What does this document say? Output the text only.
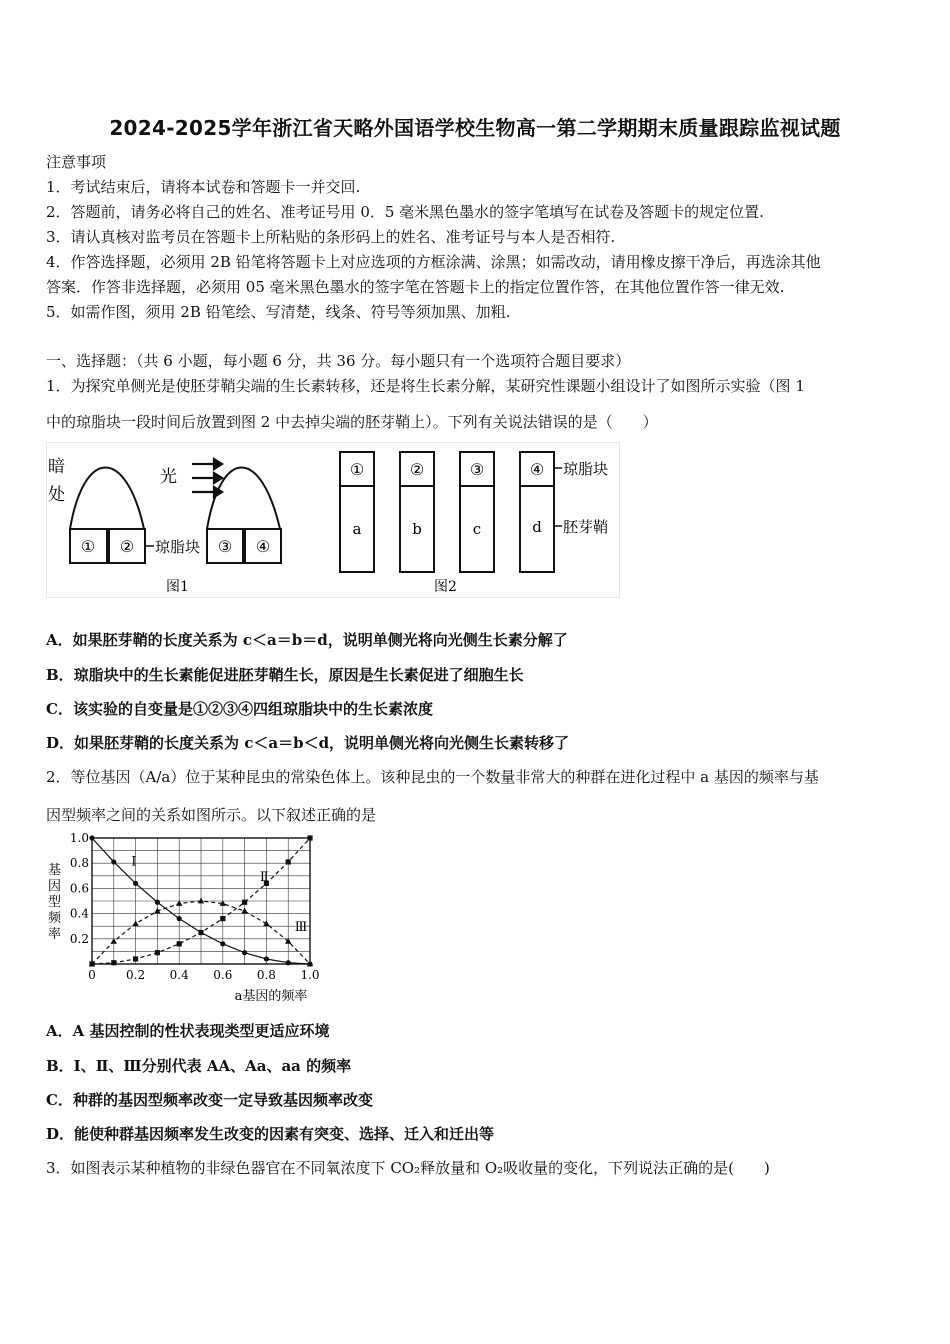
2024-2025学年浙江省天略外国语学校生物高一第二学期期末质量跟踪监视试题
注意事项
1．考试结束后，请将本试卷和答题卡一并交回.
2．答题前，请务必将自己的姓名、准考证号用 0．5 毫米黑色墨水的签字笔填写在试卷及答题卡的规定位置.
3．请认真核对监考员在答题卡上所粘贴的条形码上的姓名、准考证号与本人是否相符.
4．作答选择题，必须用 2B 铅笔将答题卡上对应选项的方框涂满、涂黑；如需改动，请用橡皮擦干净后，再选涂其他
答案．作答非选择题，必须用 05 毫米黑色墨水的签字笔在答题卡上的指定位置作答，在其他位置作答一律无效.
5．如需作图，须用 2B 铅笔绘、写清楚，线条、符号等须加黑、加粗.
一、选择题：（共 6 小题，每小题 6 分，共 36 分。每小题只有一个选项符合题目要求）
1．为探究单侧光是使胚芽鞘尖端的生长素转移，还是将生长素分解，某研究性课题小组设计了如图所示实验（图 1
中的琼脂块一段时间后放置到图 2 中去掉尖端的胚芽鞘上）。下列有关说法错误的是（　　）
暗
处
① ②
光
③ ④
琼脂块
图1
①	②	③	④
a	b	c	d
琼脂块
胚芽鞘
图2
A．如果胚芽鞘的长度关系为 c＜a＝b＝d，说明单侧光将向光侧生长素分解了
B．琼脂块中的生长素能促进胚芽鞘生长，原因是生长素促进了细胞生长
C．该实验的自变量是①②③④四组琼脂块中的生长素浓度
D．如果胚芽鞘的长度关系为 c＜a＝b＜d，说明单侧光将向光侧生长素转移了
2．等位基因（A/a）位于某种昆虫的常染色体上。该种昆虫的一个数量非常大的种群在进化过程中 a 基因的频率与基
因型频率之间的关系如图所示。以下叙述正确的是
基
因
型
频
率
a基因的频率
0	0.2 0.4 0.6 0.8 1.0
0.2
0.4
0.6
0.8
1.0
Ⅰ
Ⅱ
Ⅲ
A．A 基因控制的性状表现类型更适应环境
B．Ⅰ、Ⅱ、Ⅲ分别代表 AA、Aa、aa 的频率
C．种群的基因型频率改变一定导致基因频率改变
D．能使种群基因频率发生改变的因素有突变、选择、迁入和迁出等
3．如图表示某种植物的非绿色器官在不同氧浓度下 CO₂释放量和 O₂吸收量的变化，下列说法正确的是(　　)
